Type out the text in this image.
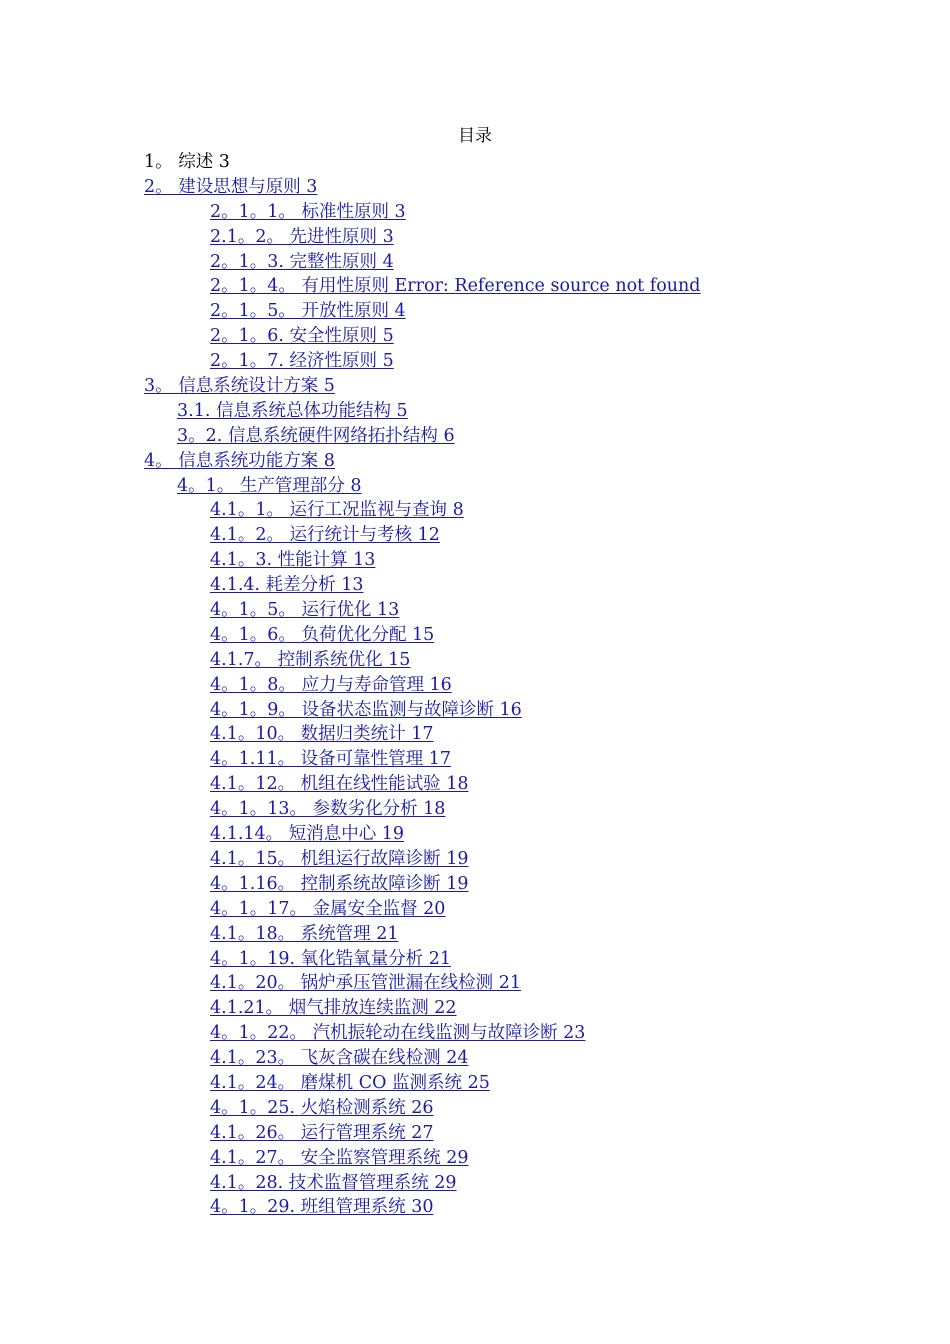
目录
1。 综述 3
2。 建设思想与原则 3
2。1。1。 标准性原则 3
2.1。2。 先进性原则 3
2。1。3. 完整性原则 4
2。1。4。 有用性原则 Error: Reference source not found
2。1。5。 开放性原则 4
2。1。6. 安全性原则 5
2。1。7. 经济性原则 5
3。 信息系统设计方案 5
3.1. 信息系统总体功能结构 5
3。2. 信息系统硬件网络拓扑结构 6
4。 信息系统功能方案 8
4。1。 生产管理部分 8
4.1。1。 运行工况监视与查询 8
4.1。2。 运行统计与考核 12
4.1。3. 性能计算 13
4.1.4. 耗差分析 13
4。1。5。 运行优化 13
4。1。6。 负荷优化分配 15
4.1.7。 控制系统优化 15
4。1。8。 应力与寿命管理 16
4。1。9。 设备状态监测与故障诊断 16
4.1。10。 数据归类统计 17
4。1.11。 设备可靠性管理 17
4.1。12。 机组在线性能试验 18
4。1。13。 参数劣化分析 18
4.1.14。 短消息中心 19
4.1。15。 机组运行故障诊断 19
4。1.16。 控制系统故障诊断 19
4。1。17。 金属安全监督 20
4.1。18。 系统管理 21
4。1。19. 氧化锆氧量分析 21
4.1。20。 锅炉承压管泄漏在线检测 21
4.1.21。 烟气排放连续监测 22
4。1。22。 汽机振轮动在线监测与故障诊断 23
4.1。23。 飞灰含碳在线检测 24
4.1。24。 磨煤机 CO 监测系统 25
4。1。25. 火焰检测系统 26
4.1。26。 运行管理系统 27
4.1。27。 安全监察管理系统 29
4.1。28. 技术监督管理系统 29
4。1。29. 班组管理系统 30
